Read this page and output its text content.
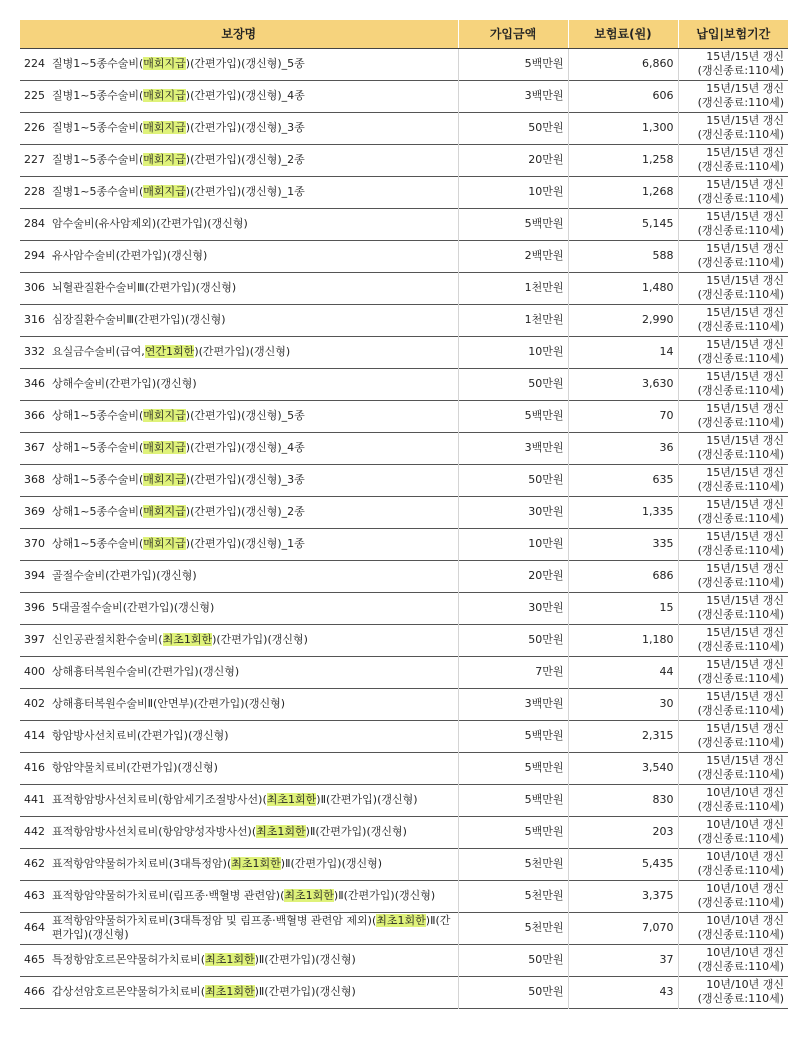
보장명	가입금액	보험료(원)	납입|보험기간

224 질병1~5종수술비(매회지급)(간편가입)(갱신형)_5종	5백만원	6,860	15년/15년 갱신
(갱신종료:110세)

225 질병1~5종수술비(매회지급)(간편가입)(갱신형)_4종	3백만원	606	15년/15년 갱신
(갱신종료:110세)

226 질병1~5종수술비(매회지급)(간편가입)(갱신형)_3종	50만원	1,300	15년/15년 갱신
(갱신종료:110세)

227 질병1~5종수술비(매회지급)(간편가입)(갱신형)_2종	20만원	1,258	15년/15년 갱신
(갱신종료:110세)

228 질병1~5종수술비(매회지급)(간편가입)(갱신형)_1종	10만원	1,268	15년/15년 갱신
(갱신종료:110세)

284 암수술비(유사암제외)(간편가입)(갱신형)	5백만원	5,145	15년/15년 갱신
(갱신종료:110세)

294 유사암수술비(간편가입)(갱신형)	2백만원	588	15년/15년 갱신
(갱신종료:110세)

306 뇌혈관질환수술비Ⅲ(간편가입)(갱신형)	1천만원	1,480	15년/15년 갱신
(갱신종료:110세)

316 심장질환수술비Ⅲ(간편가입)(갱신형)	1천만원	2,990	15년/15년 갱신
(갱신종료:110세)

332 요실금수술비(급여,연간1회한)(간편가입)(갱신형)	10만원	14	15년/15년 갱신
(갱신종료:110세)

346 상해수술비(간편가입)(갱신형)	50만원	3,630	15년/15년 갱신
(갱신종료:110세)

366 상해1~5종수술비(매회지급)(간편가입)(갱신형)_5종	5백만원	70	15년/15년 갱신
(갱신종료:110세)

367 상해1~5종수술비(매회지급)(간편가입)(갱신형)_4종	3백만원	36	15년/15년 갱신
(갱신종료:110세)

368 상해1~5종수술비(매회지급)(간편가입)(갱신형)_3종	50만원	635	15년/15년 갱신
(갱신종료:110세)

369 상해1~5종수술비(매회지급)(간편가입)(갱신형)_2종	30만원	1,335	15년/15년 갱신
(갱신종료:110세)

370 상해1~5종수술비(매회지급)(간편가입)(갱신형)_1종	10만원	335	15년/15년 갱신
(갱신종료:110세)

394 골절수술비(간편가입)(갱신형)	20만원	686	15년/15년 갱신
(갱신종료:110세)

396 5대골절수술비(간편가입)(갱신형)	30만원	15	15년/15년 갱신
(갱신종료:110세)

397 신인공관절치환수술비(최초1회한)(간편가입)(갱신형)	50만원	1,180	15년/15년 갱신
(갱신종료:110세)

400 상해흉터복원수술비(간편가입)(갱신형)	7만원	44	15년/15년 갱신
(갱신종료:110세)

402 상해흉터복원수술비Ⅱ(안면부)(간편가입)(갱신형)	3백만원	30	15년/15년 갱신
(갱신종료:110세)

414 항암방사선치료비(간편가입)(갱신형)	5백만원	2,315	15년/15년 갱신
(갱신종료:110세)

416 항암약물치료비(간편가입)(갱신형)	5백만원	3,540	15년/15년 갱신
(갱신종료:110세)

441 표적항암방사선치료비(항암세기조절방사선)(최초1회한)Ⅱ(간편가입)(갱신형)	5백만원	830	10년/10년 갱신
(갱신종료:110세)

442 표적항암방사선치료비(항암양성자방사선)(최초1회한)Ⅱ(간편가입)(갱신형)	5백만원	203	10년/10년 갱신
(갱신종료:110세)

462 표적항암약물허가치료비(3대특정암)(최초1회한)Ⅱ(간편가입)(갱신형)	5천만원	5,435	10년/10년 갱신
(갱신종료:110세)

463 표적항암약물허가치료비(림프종·백혈병 관련암)(최초1회한)Ⅱ(간편가입)(갱신형)	5천만원	3,375	10년/10년 갱신
(갱신종료:110세)

464
표적항암약물허가치료비(3대특정암 및 림프종·백혈병 관련암 제외)(최초1회한)Ⅱ(간편가입)(갱신형)	5천만원	7,070	10년/10년 갱신
(갱신종료:110세)

465 특정항암호르몬약물허가치료비(최초1회한)Ⅱ(간편가입)(갱신형)	50만원	37	10년/10년 갱신
(갱신종료:110세)

466 갑상선암호르몬약물허가치료비(최초1회한)Ⅱ(간편가입)(갱신형)	50만원	43	10년/10년 갱신
(갱신종료:110세)
